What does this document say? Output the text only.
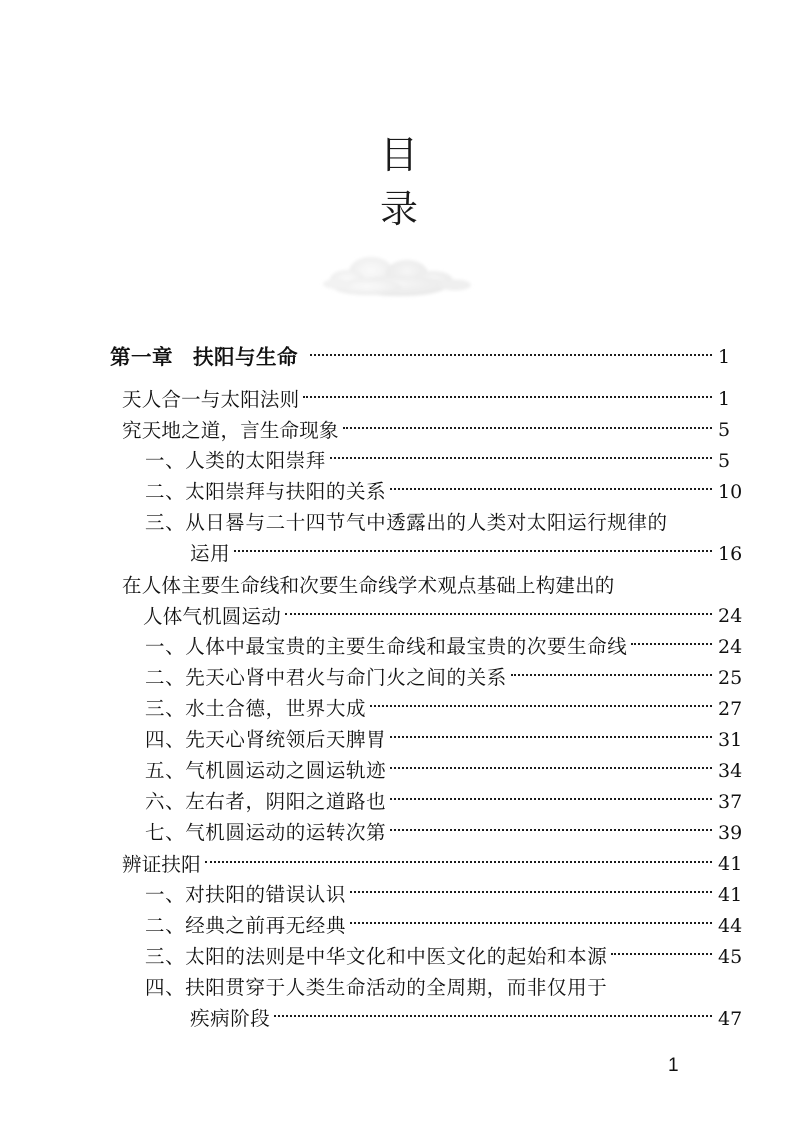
目
录
第一章 扶阳与生命	1
天人合一与太阳法则	1
究天地之道，言生命现象	5
一、人类的太阳崇拜	5
二、太阳崇拜与扶阳的关系	10
三、从日晷与二十四节气中透露出的人类对太阳运行规律的
运用	16
在人体主要生命线和次要生命线学术观点基础上构建出的
人体气机圆运动	24
一、人体中最宝贵的主要生命线和最宝贵的次要生命线	24
二、先天心肾中君火与命门火之间的关系	25
三、水土合德，世界大成	27
四、先天心肾统领后天脾胃	31
五、气机圆运动之圆运轨迹	34
六、左右者，阴阳之道路也	37
七、气机圆运动的运转次第	39
辨证扶阳	41
一、对扶阳的错误认识	41
二、经典之前再无经典	44
三、太阳的法则是中华文化和中医文化的起始和本源	45
四、扶阳贯穿于人类生命活动的全周期，而非仅用于
疾病阶段	47
1
